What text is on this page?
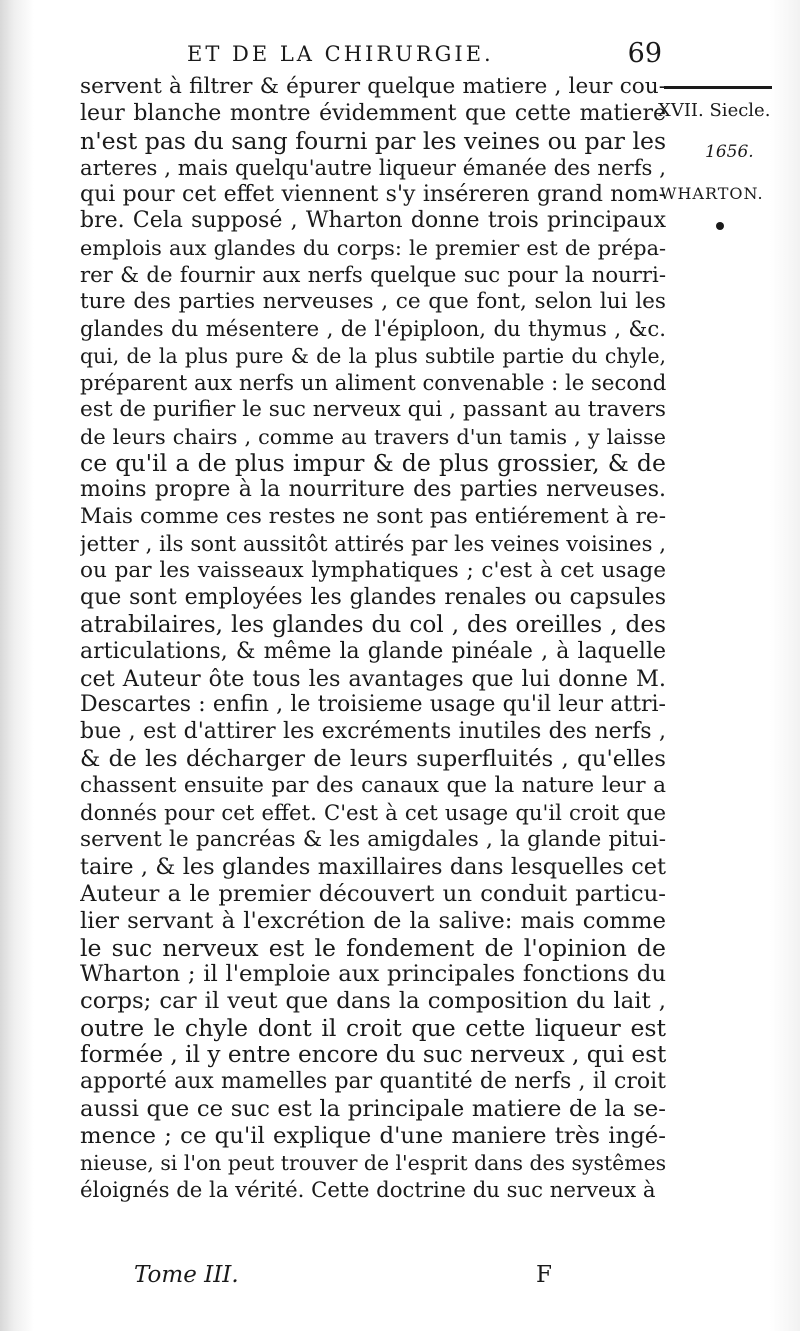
ET DE LA CHIRURGIE.	69
XVII. Siecle.
1656.
WHARTON.
servent à filtrer & épurer quelque matiere , leur cou-
leur blanche montre évidemment que cette matiere
n'est pas du sang fourni par les veines ou par les
arteres , mais quelqu'autre liqueur émanée des nerfs ,
qui pour cet effet viennent s'y inséreren grand nom-
bre. Cela supposé , Wharton donne trois principaux
emplois aux glandes du corps: le premier est de prépa-
rer & de fournir aux nerfs quelque suc pour la nourri-
ture des parties nerveuses , ce que font, selon lui les
glandes du mésentere , de l'épiploon, du thymus , &c.
qui, de la plus pure & de la plus subtile partie du chyle,
préparent aux nerfs un aliment convenable : le second
est de purifier le suc nerveux qui , passant au travers
de leurs chairs , comme au travers d'un tamis , y laisse
ce qu'il a de plus impur & de plus grossier, & de
moins propre à la nourriture des parties nerveuses.
Mais comme ces restes ne sont pas entiérement à re-
jetter , ils sont aussitôt attirés par les veines voisines ,
ou par les vaisseaux lymphatiques ; c'est à cet usage
que sont employées les glandes renales ou capsules
atrabilaires, les glandes du col , des oreilles , des
articulations, & même la glande pinéale , à laquelle
cet Auteur ôte tous les avantages que lui donne M.
Descartes : enfin , le troisieme usage qu'il leur attri-
bue , est d'attirer les excréments inutiles des nerfs ,
& de les décharger de leurs superfluités , qu'elles
chassent ensuite par des canaux que la nature leur a
donnés pour cet effet. C'est à cet usage qu'il croit que
servent le pancréas & les amigdales , la glande pitui-
taire , & les glandes maxillaires dans lesquelles cet
Auteur a le premier découvert un conduit particu-
lier servant à l'excrétion de la salive: mais comme
le suc nerveux est le fondement de l'opinion de
Wharton ; il l'emploie aux principales fonctions du
corps; car il veut que dans la composition du lait ,
outre le chyle dont il croit que cette liqueur est
formée , il y entre encore du suc nerveux , qui est
apporté aux mamelles par quantité de nerfs , il croit
aussi que ce suc est la principale matiere de la se-
mence ; ce qu'il explique d'une maniere très ingé-
nieuse, si l'on peut trouver de l'esprit dans des systêmes
éloignés de la vérité. Cette doctrine du suc nerveux à
Tome III.	F
